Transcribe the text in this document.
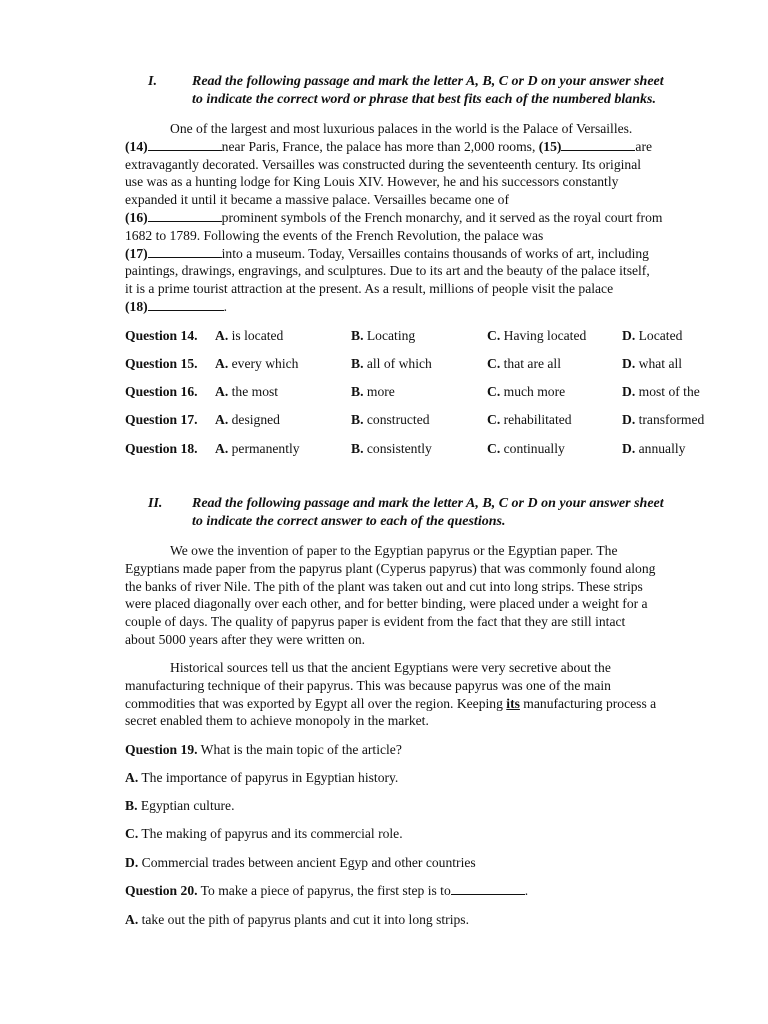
I.	Read the following passage and mark the letter A, B, C or D on your answer sheet
to indicate the correct word or phrase that best fits each of the numbered blanks.
One of the largest and most luxurious palaces in the world is the Palace of Versailles.
(14)	near Paris, France, the palace has more than 2,000 rooms, (15)	are
extravagantly decorated. Versailles was constructed during the seventeenth century. Its original
use was as a hunting lodge for King Louis XIV. However, he and his successors constantly
expanded it until it became a massive palace. Versailles became one of
(16)	prominent symbols of the French monarchy, and it served as the royal court from
1682 to 1789. Following the events of the French Revolution, the palace was
(17)	into a museum. Today, Versailles contains thousands of works of art, including
paintings, drawings, engravings, and sculptures. Due to its art and the beauty of the palace itself,
it is a prime tourist attraction at the present. As a result, millions of people visit the palace
(18)	.
Question 14. A. is located	B. Locating	C. Having located	D. Located
Question 15. A. every which	B. all of which	C. that are all	D. what all
Question 16. A. the most	B. more	C. much more	D. most of the
Question 17. A. designed	B. constructed	C. rehabilitated	D. transformed
Question 18. A. permanently	B. consistently	C. continually	D. annually
II. Read the following passage and mark the letter A, B, C or D on your answer sheet
to indicate the correct answer to each of the questions.
We owe the invention of paper to the Egyptian papyrus or the Egyptian paper. The
Egyptians made paper from the papyrus plant (Cyperus papyrus) that was commonly found along
the banks of river Nile. The pith of the plant was taken out and cut into long strips. These strips
were placed diagonally over each other, and for better binding, were placed under a weight for a
couple of days. The quality of papyrus paper is evident from the fact that they are still intact
about 5000 years after they were written on.
Historical sources tell us that the ancient Egyptians were very secretive about the
manufacturing technique of their papyrus. This was because papyrus was one of the main
commodities that was exported by Egypt all over the region. Keeping its manufacturing process a
secret enabled them to achieve monopoly in the market.
Question 19. What is the main topic of the article?
A. The importance of papyrus in Egyptian history.
B. Egyptian culture.
C. The making of papyrus and its commercial role.
D. Commercial trades between ancient Egyp and other countries
Question 20. To make a piece of papyrus, the first step is to	.
A. take out the pith of papyrus plants and cut it into long strips.
